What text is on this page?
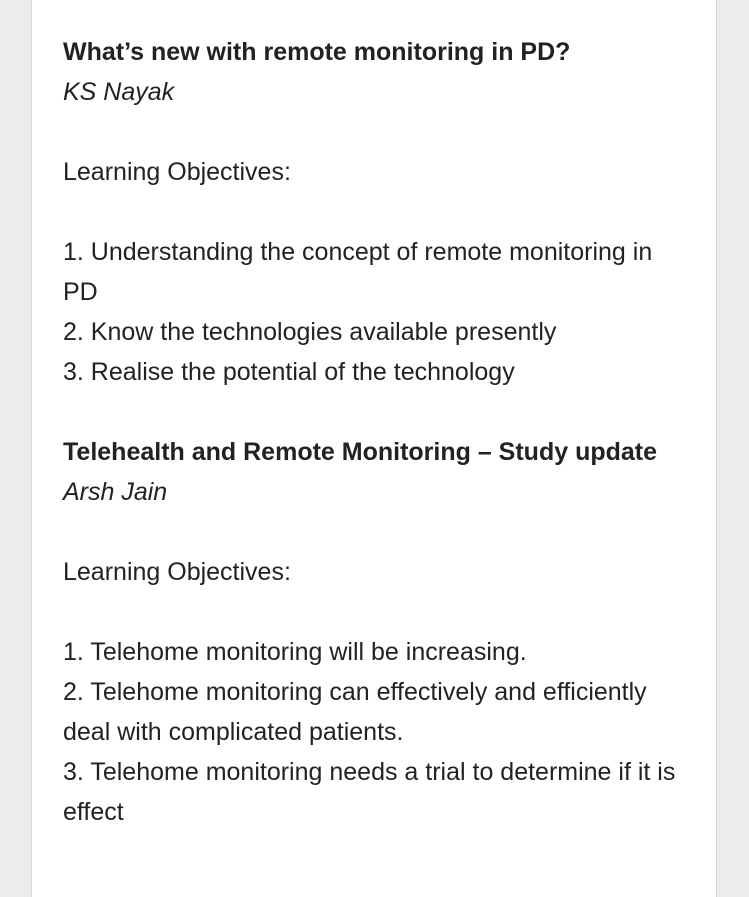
What’s new with remote monitoring in PD?

KS Nayak

Learning Objectives:

1. Understanding the concept of remote monitoring in PD

2. Know the technologies available presently

3. Realise the potential of the technology

Telehealth and Remote Monitoring – Study update

Arsh Jain

Learning Objectives:

1. Telehome monitoring will be increasing.

2. Telehome monitoring can effectively and efficiently deal with complicated patients.

3. Telehome monitoring needs a trial to determine if it is effect
